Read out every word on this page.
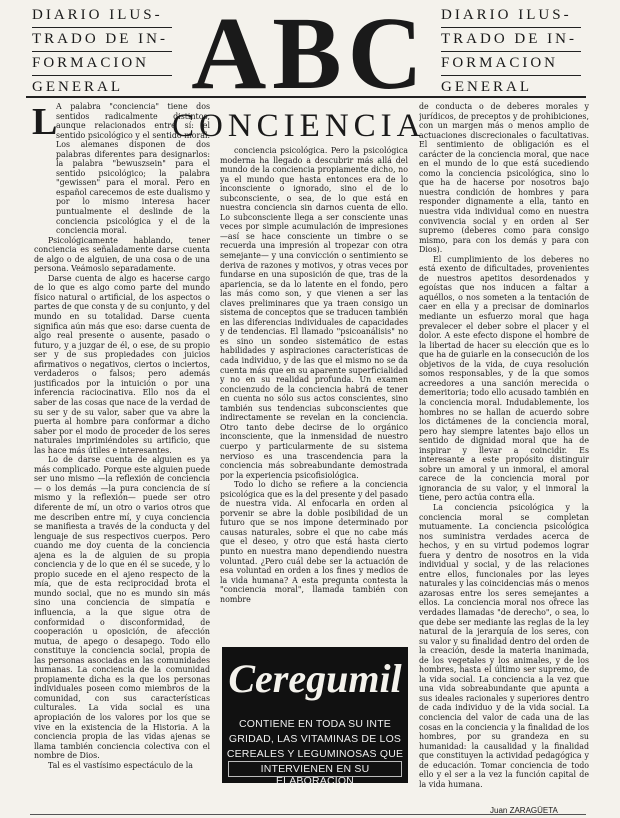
DIARIO ILUS-
TRADO DE IN-
FORMACION
GENERAL ABC DIARIO ILUS-
TRADO DE IN-
FORMACION
GENERAL

A palabra "conciencia" tiene dos sentidos radicalmente distintos, aunque relacionados entre sí: el sentido psicológico y el sentido moral. Los alemanes disponen de dos palabras diferentes para designarlos: la palabra "bewuszsein" para el sentido psicológico; la palabra "gewissen" para el moral. Pero en español carecemos de este dualismo y por lo mismo interesa hacer puntualmente el deslinde de la conciencia psicológica y el de la conciencia moral.

Psicológicamente hablando, tener conciencia es señaladamente darse cuenta de algo o de alguien, de una cosa o de una persona. Veámoslo separadamente.

Darse cuenta de algo es hacerse cargo de lo que es algo como parte del mundo físico natural o artificial, de los aspectos o partes de que consta y de su conjunto, y del mundo en su totalidad. Darse cuenta significa aún más que eso: darse cuenta de algo real presente o ausente, pasado o futuro, y a juzgar de él, o ese, de su propio ser y de sus propiedades con juicios afirmativos o negativos, ciertos o inciertos, verdaderos o falsos; pero además justificados por la intuición o por una inferencia raciocinativa. Ello nos da el saber de las cosas que nace de la verdad de su ser y de su valor, saber que va abre la puerta al hombre para conformar a dicho saber por el modo de proceder de los seres naturales imprimiéndoles su artificio, que las hace más útiles e interesantes.

Lo de darse cuenta de alguien es ya más complicado. Porque este alguien puede ser uno mismo —la reflexión de conciencia— o los demás —la pura conciencia de sí mismo y la reflexión— puede ser otro diferente de mí, un otro o varios otros que me describen entre mí, y cuya conciencia se manifiesta a través de la conducta y del lenguaje de sus respectivos cuerpos. Pero cuando me doy cuenta de la conciencia ajena es la de alguien de su propia conciencia y de lo que en él se sucede, y lo propio sucede en el ajeno respecto de la mía, que de esta reciprocidad brota el mundo social, que no es mundo sin más sino una conciencia de simpatía e influencia, a la que sigue otra de conformidad o disconformidad, de cooperación u oposición, de afección mutua, de apego o desapego. Todo ello constituye la conciencia social, propia de las personas asociadas en las comunidades humanas. La conciencia de la comunidad propiamente dicha es la que los personas individuales poseen como miembros de la comunidad, con sus características culturales. La vida social es una apropiación de los valores por los que se vive en la existencia de la Historia. A la conciencia propia de las vidas ajenas se llama también conciencia colectiva con el nombre de Dios.

Tal es el vastísimo espectáculo de la

L	CONCIENCIA

conciencia psicológica. Pero la psicológica moderna ha llegado a descubrir más allá del mundo de la conciencia propiamente dicho, no ya el mundo que hasta entonces era de lo inconsciente o ignorado, sino el de lo subconsciente, o sea, de lo que está en nuestra conciencia sin darnos cuenta de ello. Lo subconsciente llega a ser consciente unas veces por simple acumulación de impresiones —así se hace consciente un timbre o se recuerda una impresión al tropezar con otra semejante— y una convicción o sentimiento se deriva de razones y motivos, y otras veces por fundarse en una suposición de que, tras de la apariencia, se da lo latente en el fondo, pero las más como son, y que vienen a ser las claves preliminares que ya traen consigo un sistema de conceptos que se traducen también en las diferencias individuales de capacidades y de tendencias. El llamado "psicoanálisis" no es sino un sondeo sistemático de estas habilidades y aspiraciones características de cada individuo, y de las que el mismo no se da cuenta más que en su aparente superficialidad y no en su realidad profunda. Un examen concienzudo de la conciencia habrá de tener en cuenta no sólo sus actos conscientes, sino también sus tendencias subconscientes que indirectamente se revelan en la conciencia. Otro tanto debe decirse de lo orgánico inconsciente, que la inmensidad de nuestro cuerpo y particularmente de su sistema nervioso es una trascendencia para la conciencia más sobreabundante demostrada por la experiencia psicofisiológica.

Todo lo dicho se refiere a la conciencia psicológica que es la del presente y del pasado de nuestra vida. Al enfocarla en orden al porvenir se abre la doble posibilidad de un futuro que se nos impone determinado por causas naturales, sobre el que no cabe más que el deseo, y otro que está hasta cierto punto en nuestra mano dependiendo nuestra voluntad. ¿Pero cuál debe ser la actuación de esa voluntad en orden a los fines y medios de la vida humana? A esta pregunta contesta la "conciencia moral", llamada también con nombre

Ceregumil
CONTIENE EN TODA SU INTE
GRIDAD, LAS VITAMINAS DE LOS
CEREALES Y LEGUMINOSAS QUE
INTERVIENEN EN SU ELABORACION

de conducta o de deberes morales y jurídicos, de preceptos y de prohibiciones, con un margen más o menos amplio de actuaciones discrecionales o facultativas. El sentimiento de obligación es el carácter de la conciencia moral, que nace en el mundo de lo que está sucediendo como la conciencia psicológica, sino lo que ha de hacerse por nosotros bajo nuestra condición de hombres y para responder dignamente a ella, tanto en nuestra vida individual como en nuestra convivencia social y en orden al Ser supremo (deberes como para consigo mismo, para con los demás y para con Dios).

El cumplimiento de los deberes no está exento de dificultades, provenientes de nuestros apetitos desordenados y egoístas que nos inducen a faltar a aquéllos, o nos someten a la tentación de caer en ella y a precisar de dominarlos mediante un esfuerzo moral que haga prevalecer el deber sobre el placer y el dolor. A este efecto dispone el hombre de la libertad de hacer su elección que es lo que ha de guiarle en la consecución de los objetivos de la vida, de cuya resolución somos responsables, y de la que somos acreedores a una sanción merecida o demeritoria; todo ello acusado también en la conciencia moral. Indudablemente, los hombres no se hallan de acuerdo sobre los dictámenes de la conciencia moral, pero hay siempre latentes bajo ellos un sentido de dignidad moral que ha de inspirar y llevar a coincidir. Es interesante a este propósito distinguir sobre un amoral y un inmoral, el amoral carece de la conciencia moral por ignorancia de su valor, y el inmoral la tiene, pero actúa contra ella.

La conciencia psicológica y la conciencia moral se completan mutuamente. La conciencia psicológica nos suministra verdades acerca de hechos, y en su virtud podemos lograr fuera y dentro de nosotros en la vida individual y social, y de las relaciones entre ellos, funcionales por las leyes naturales y las coincidencias más o menos azarosas entre los seres semejantes a ellos. La conciencia moral nos ofrece las verdades llamadas "de derecho", o sea, lo que debe ser mediante las reglas de la ley natural de la jerarquía de los seres, con su valor y su finalidad dentro del orden de la creación, desde la materia inanimada, de los vegetales y los animales, y de los hombres, hasta el último ser supremo, de la vida social. La conciencia a la vez que una vida sobreabundante que apunta a sus ideales racionales y superiores dentro de cada individuo y de la vida social. La conciencia del valor de cada una de las cosas en la conciencia y la finalidad de los hombres, por su grandeza en su humanidad: la causalidad y la finalidad que constituyen la actividad pedagógica y de educación. Tomar conciencia de todo ello y el ser a la vez la función capital de la vida humana.

Juan ZARAGÜETA
